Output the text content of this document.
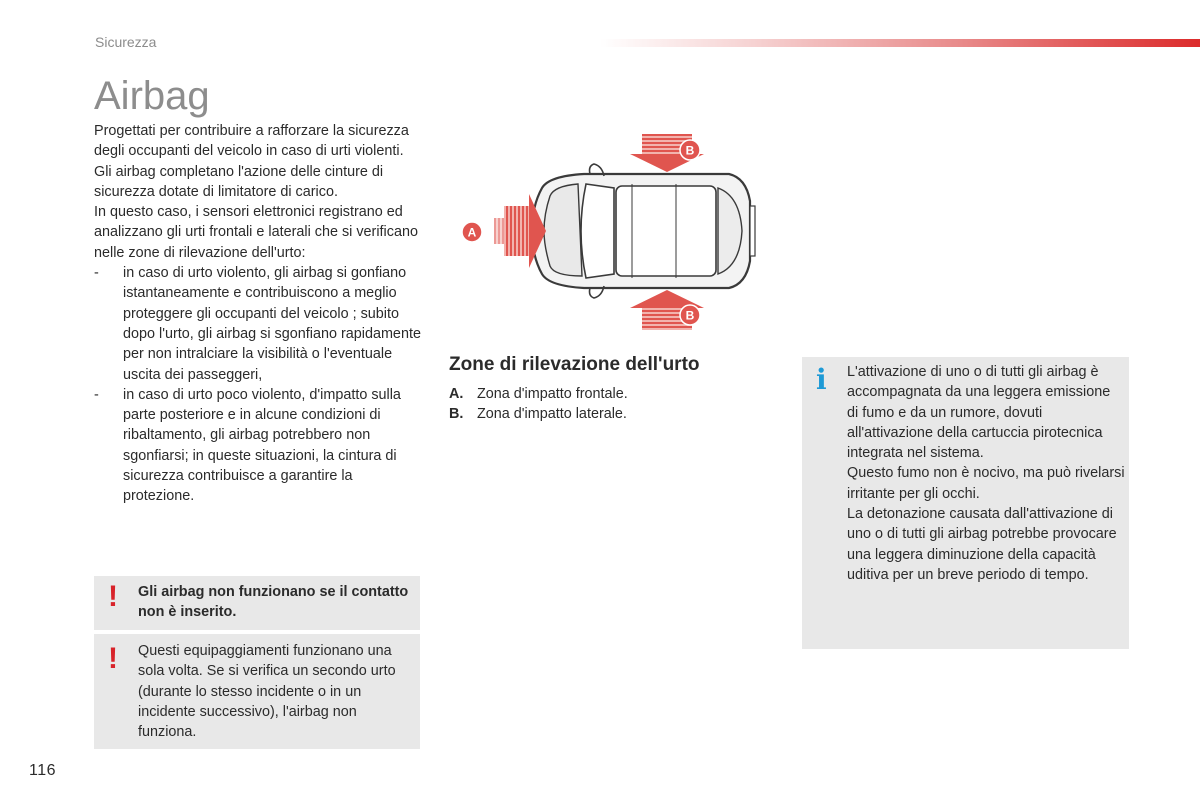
Sicurezza
Airbag

Progettati per contribuire a rafforzare la sicurezza degli occupanti del veicolo in caso di urti violenti. Gli airbag completano l'azione delle cinture di sicurezza dotate di limitatore di carico.

In questo caso, i sensori elettronici registrano ed analizzano gli urti frontali e laterali che si verificano nelle zone di rilevazione dell'urto:

-	in caso di urto violento, gli airbag si gonfiano istantaneamente e contribuiscono a meglio proteggere gli occupanti del veicolo ; subito dopo l'urto, gli airbag si sgonfiano rapidamente per non intralciare la visibilità o l'eventuale uscita dei passeggeri,
-	in caso di urto poco violento, d'impatto sulla parte posteriore e in alcune condizioni di ribaltamento, gli airbag potrebbero non sgonfiarsi; in queste situazioni, la cintura di sicurezza contribuisce a garantire la protezione.
! Gli airbag non funzionano se il contatto non è inserito.
! Questi equipaggiamenti funzionano una sola volta. Se si verifica un secondo urto (durante lo stesso incidente o in un incidente successivo), l'airbag non funziona.
A
B
B
Zone di rilevazione dell'urto
A. Zona d'impatto frontale.
B. Zona d'impatto laterale.
i L'attivazione di uno o di tutti gli airbag è accompagnata da una leggera emissione di fumo e da un rumore, dovuti all'attivazione della cartuccia pirotecnica integrata nel sistema.
Questo fumo non è nocivo, ma può rivelarsi irritante per gli occhi.
La detonazione causata dall'attivazione di uno o di tutti gli airbag potrebbe provocare una leggera diminuzione della capacità uditiva per un breve periodo di tempo.
116
